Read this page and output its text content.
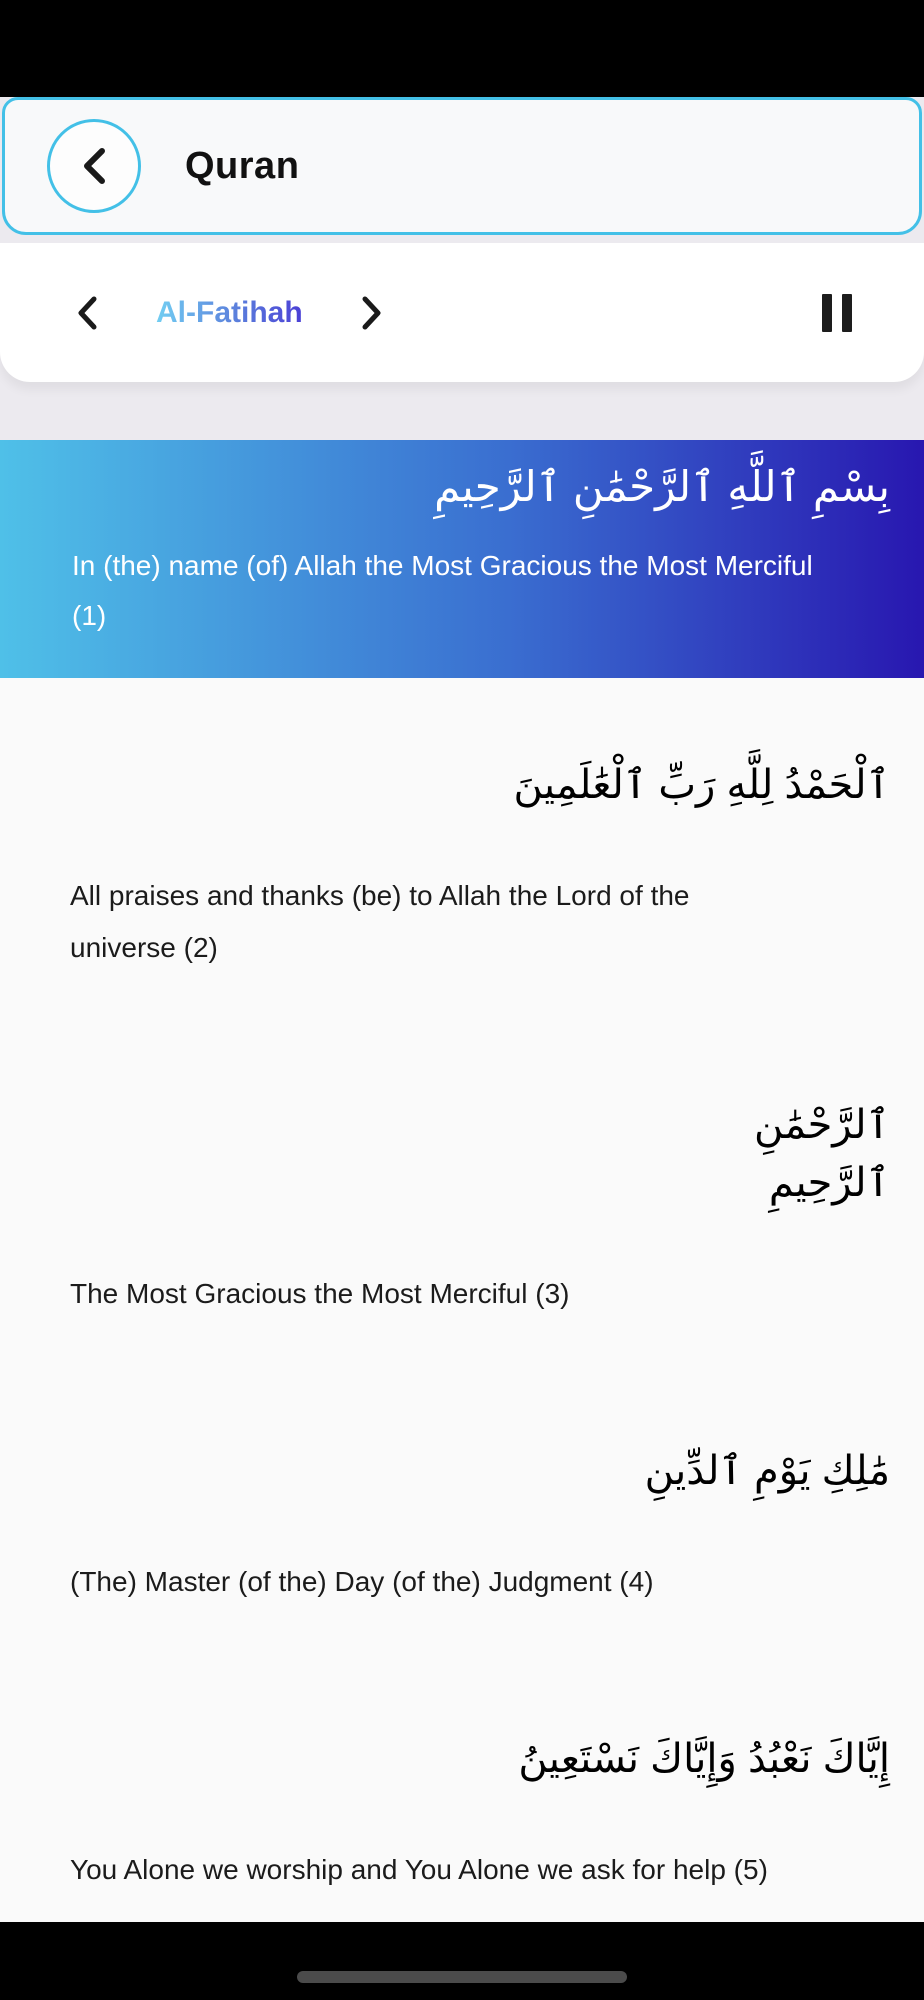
Quran
Al-Fatihah
بِسْمِ ٱللَّهِ ٱلرَّحْمَٰنِ ٱلرَّحِيمِ
In (the) name (of) Allah the Most Gracious the Most Merciful (1)
ٱلْحَمْدُ لِلَّهِ رَبِّ ٱلْعَٰلَمِينَ
All praises and thanks (be) to Allah the Lord of the universe (2)
ٱلرَّحْمَٰنِ ٱلرَّحِيمِ
The Most Gracious the Most Merciful (3)
مَٰلِكِ يَوْمِ ٱلدِّينِ
(The) Master (of the) Day (of the) Judgment (4)
إِيَّاكَ نَعْبُدُ وَإِيَّاكَ نَسْتَعِينُ
You Alone we worship and You Alone we ask for help (5)
